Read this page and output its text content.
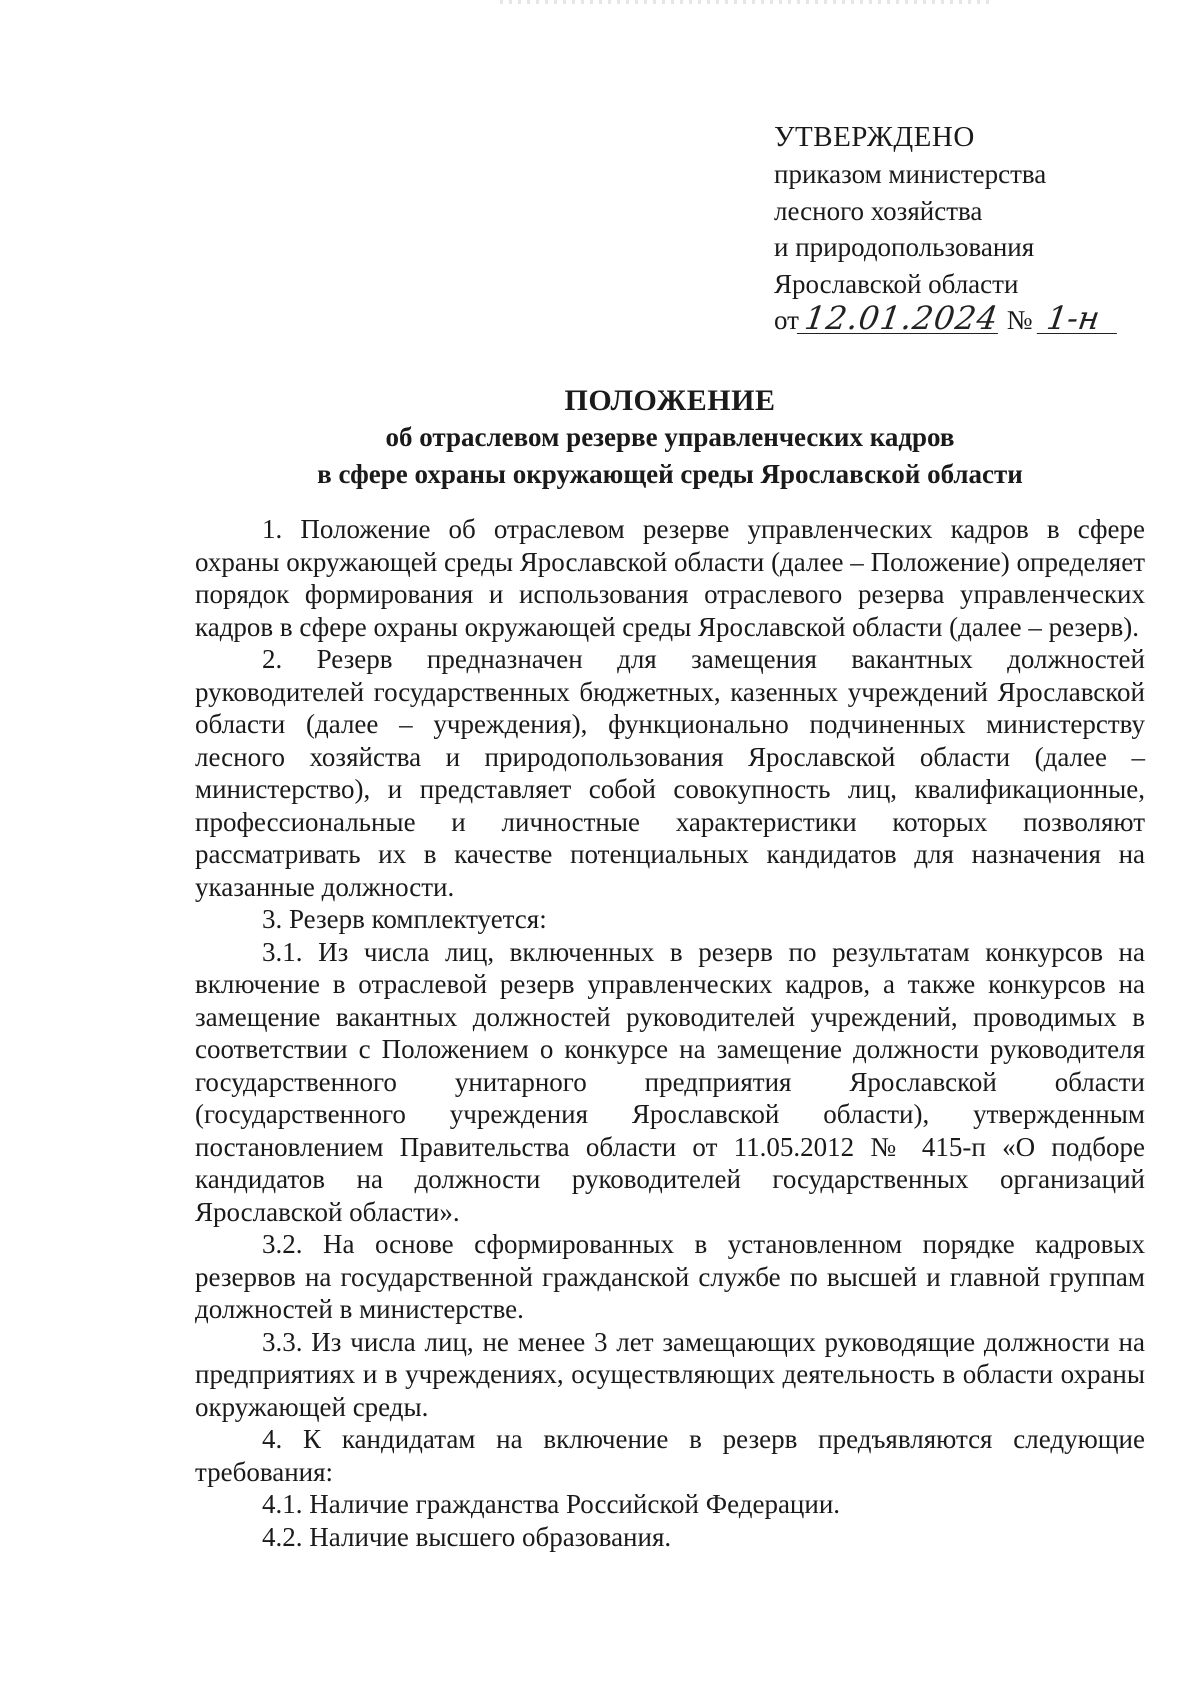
УТВЕРЖДЕНО
приказом министерства
лесного хозяйства
и природопользования
Ярославской области
от 12.01.2024 № 1-н
ПОЛОЖЕНИЕ
об отраслевом резерве управленческих кадров
в сфере охраны окружающей среды Ярославской области

1. Положение об отраслевом резерве управленческих кадров в сфере охраны окружающей среды Ярославской области (далее – Положение) определяет порядок формирования и использования отраслевого резерва управленческих кадров в сфере охраны окружающей среды Ярославской области (далее – резерв).

2. Резерв предназначен для замещения вакантных должностей руководителей государственных бюджетных, казенных учреждений Ярославской области (далее – учреждения), функционально подчиненных министерству лесного хозяйства и природопользования Ярославской области (далее – министерство), и представляет собой совокупность лиц, квалификационные, профессиональные и личностные характеристики которых позволяют рассматривать их в качестве потенциальных кандидатов для назначения на указанные должности.

3. Резерв комплектуется:

3.1. Из числа лиц, включенных в резерв по результатам конкурсов на включение в отраслевой резерв управленческих кадров, а также конкурсов на замещение вакантных должностей руководителей учреждений, проводимых в соответствии с Положением о конкурсе на замещение должности руководителя государственного унитарного предприятия Ярославской области (государственного учреждения Ярославской области), утвержденным постановлением Правительства области от 11.05.2012 № 415-п «О подборе кандидатов на должности руководителей государственных организаций Ярославской области».

3.2. На основе сформированных в установленном порядке кадровых резервов на государственной гражданской службе по высшей и главной группам должностей в министерстве.

3.3. Из числа лиц, не менее 3 лет замещающих руководящие должности на предприятиях и в учреждениях, осуществляющих деятельность в области охраны окружающей среды.

4. К кандидатам на включение в резерв предъявляются следующие требования:

4.1. Наличие гражданства Российской Федерации.

4.2. Наличие высшего образования.
